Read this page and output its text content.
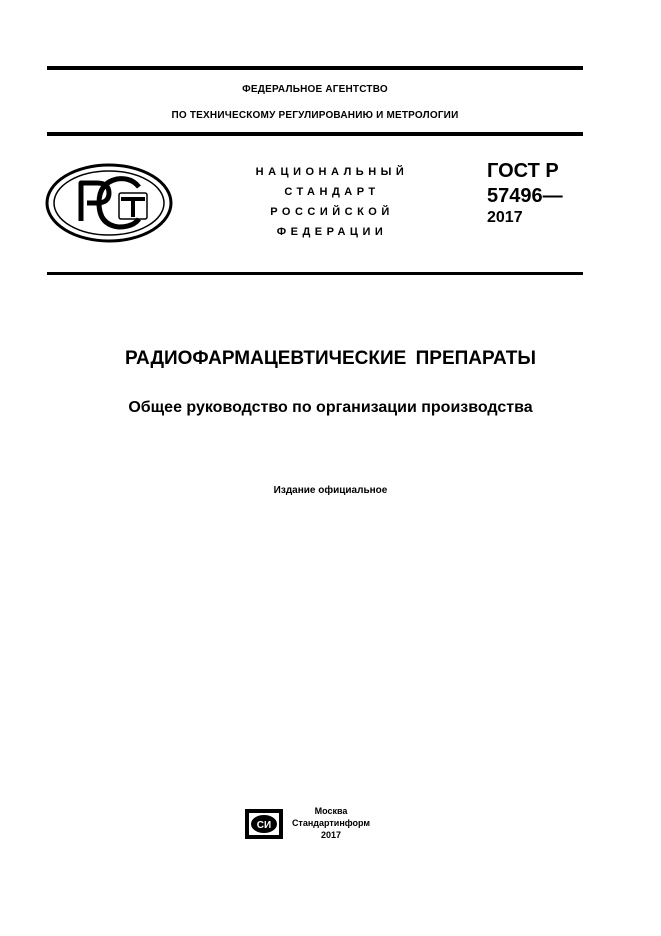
ФЕДЕРАЛЬНОЕ АГЕНТСТВО
ПО ТЕХНИЧЕСКОМУ РЕГУЛИРОВАНИЮ И МЕТРОЛОГИИ
НАЦИОНАЛЬНЫЙ
СТАНДАРТ
РОССИЙСКОЙ
ФЕДЕРАЦИИ
ГОСТ Р
57496—
2017
РАДИОФАРМАЦЕВТИЧЕСКИЕ ПРЕПАРАТЫ
Общее руководство по организации производства
Издание официальное
СИ
Москва
Стандартинформ
2017
